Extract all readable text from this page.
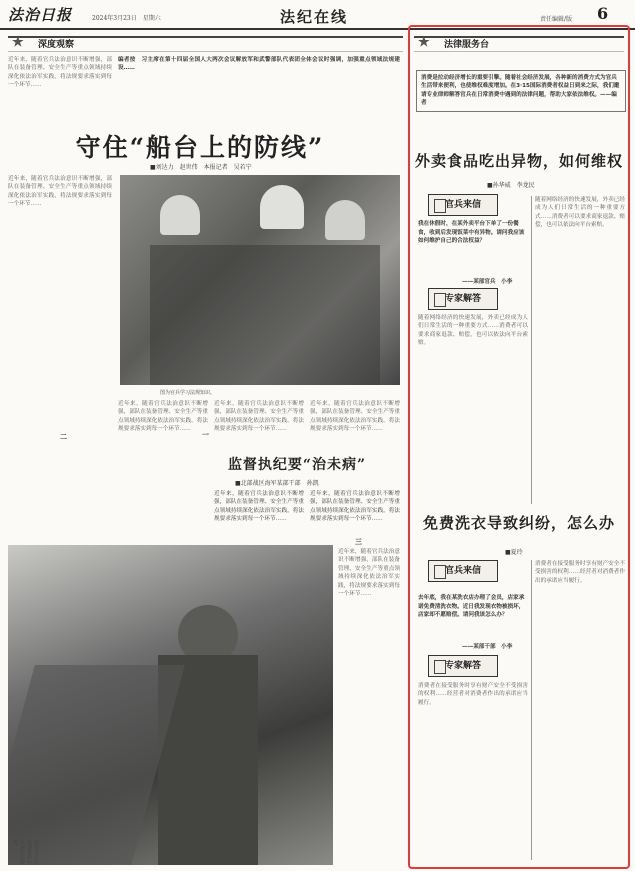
法治日报	2024年3月23日　星期六	法纪在线	责任编辑/版 6
★ 深度观察
编者按　习主席在第十四届全国人大两次会议解放军和武警部队代表团全体会议时强调，加强重点领域法规建设……
近年来，随着官兵法治意识不断增强，部队在装备管理、安全生产等重点领域持续深化依法治军实践，将法规要求落实到每一个环节……
守住“船台上的防线”
■刘达力　赵世伟　本报记者　吴若宁
近年来，随着官兵法治意识不断增强，部队在装备管理、安全生产等重点领域持续深化依法治军实践，将法规要求落实到每一个环节……
图为官兵学习法规知识。
近年来，随着官兵法治意识不断增强，部队在装备管理、安全生产等重点领域持续深化依法治军实践，将法规要求落实到每一个环节……
近年来，随着官兵法治意识不断增强，部队在装备管理、安全生产等重点领域持续深化依法治军实践，将法规要求落实到每一个环节……
近年来，随着官兵法治意识不断增强，部队在装备管理、安全生产等重点领域持续深化依法治军实践，将法规要求落实到每一个环节……
一
监督执纪要“治未病”
■北部战区海军某部干部　孙凯
近年来，随着官兵法治意识不断增强，部队在装备管理、安全生产等重点领域持续深化依法治军实践，将法规要求落实到每一个环节……
近年来，随着官兵法治意识不断增强，部队在装备管理、安全生产等重点领域持续深化依法治军实践，将法规要求落实到每一个环节……
二
图为官兵在装备维护中开展法治教育。
近年来，随着官兵法治意识不断增强，部队在装备管理、安全生产等重点领域持续深化依法治军实践，将法规要求落实到每一个环节……
三
★ 法律服务台
消费是拉动经济增长的重要引擎。随着社会经济发展，各种新的消费方式为官兵生活带来便利，也使维权难度增加。在3·15国际消费者权益日到来之际，我们邀请专业律师解答官兵在日常消费中遇到的法律问题，帮助大家依法维权。——编者
外卖食品吃出异物，如何维权
■孙华威　李龙民
官兵来信
我在休假时，在某外卖平台下单了一份餐食，收到后发现饭菜中有异物。请问我应该如何维护自己的合法权益？
——某部官兵　小李
专家解答
随着网络经济的快速发展，外卖已经成为人们日常生活的一种重要方式……消费者可以要求商家退款、赔偿，也可以依法向平台索赔。
随着网络经济的快速发展，外卖已经成为人们日常生活的一种重要方式……消费者可以要求商家退款、赔偿，也可以依法向平台索赔。
免费洗衣导致纠纷，怎么办
■夏玲
官兵来信
去年底，我在某洗衣店办理了会员，店家承诺免费清洗衣物。近日我发现衣物被损坏，店家却不愿赔偿。请问我该怎么办？
——某部干部　小李
专家解答
消费者在接受服务时享有财产安全不受损害的权利……经营者对消费者作出的承诺应当履行。
消费者在接受服务时享有财产安全不受损害的权利……经营者对消费者作出的承诺应当履行。
